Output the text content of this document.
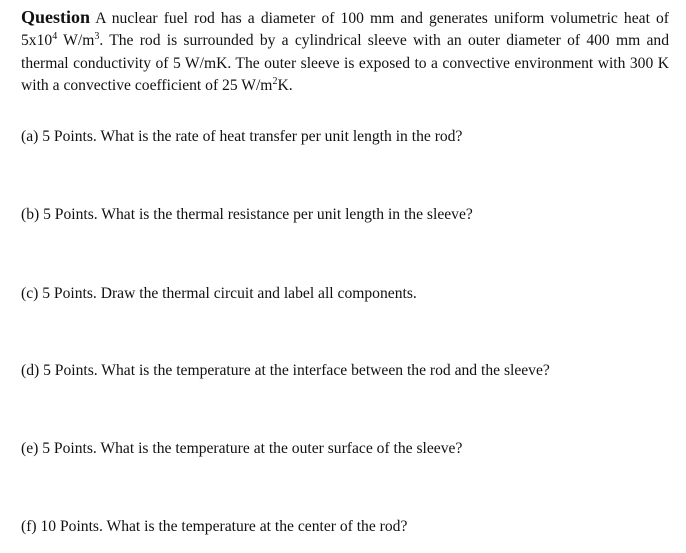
Question A nuclear fuel rod has a diameter of 100 mm and generates uniform volumetric heat of $5x10^4$ $W/m^3$. The rod is surrounded by a cylindrical sleeve with an outer diameter of 400 mm and thermal conductivity of 5 W/mK. The outer sleeve is exposed to a convective environment with 300 K with a convective coefficient of 25 $W/m^2K$.
(a) 5 Points. What is the rate of heat transfer per unit length in the rod?
(b) 5 Points. What is the thermal resistance per unit length in the sleeve?
(c) 5 Points. Draw the thermal circuit and label all components.
(d) 5 Points. What is the temperature at the interface between the rod and the sleeve?
(e) 5 Points. What is the temperature at the outer surface of the sleeve?
(f) 10 Points. What is the temperature at the center of the rod?
